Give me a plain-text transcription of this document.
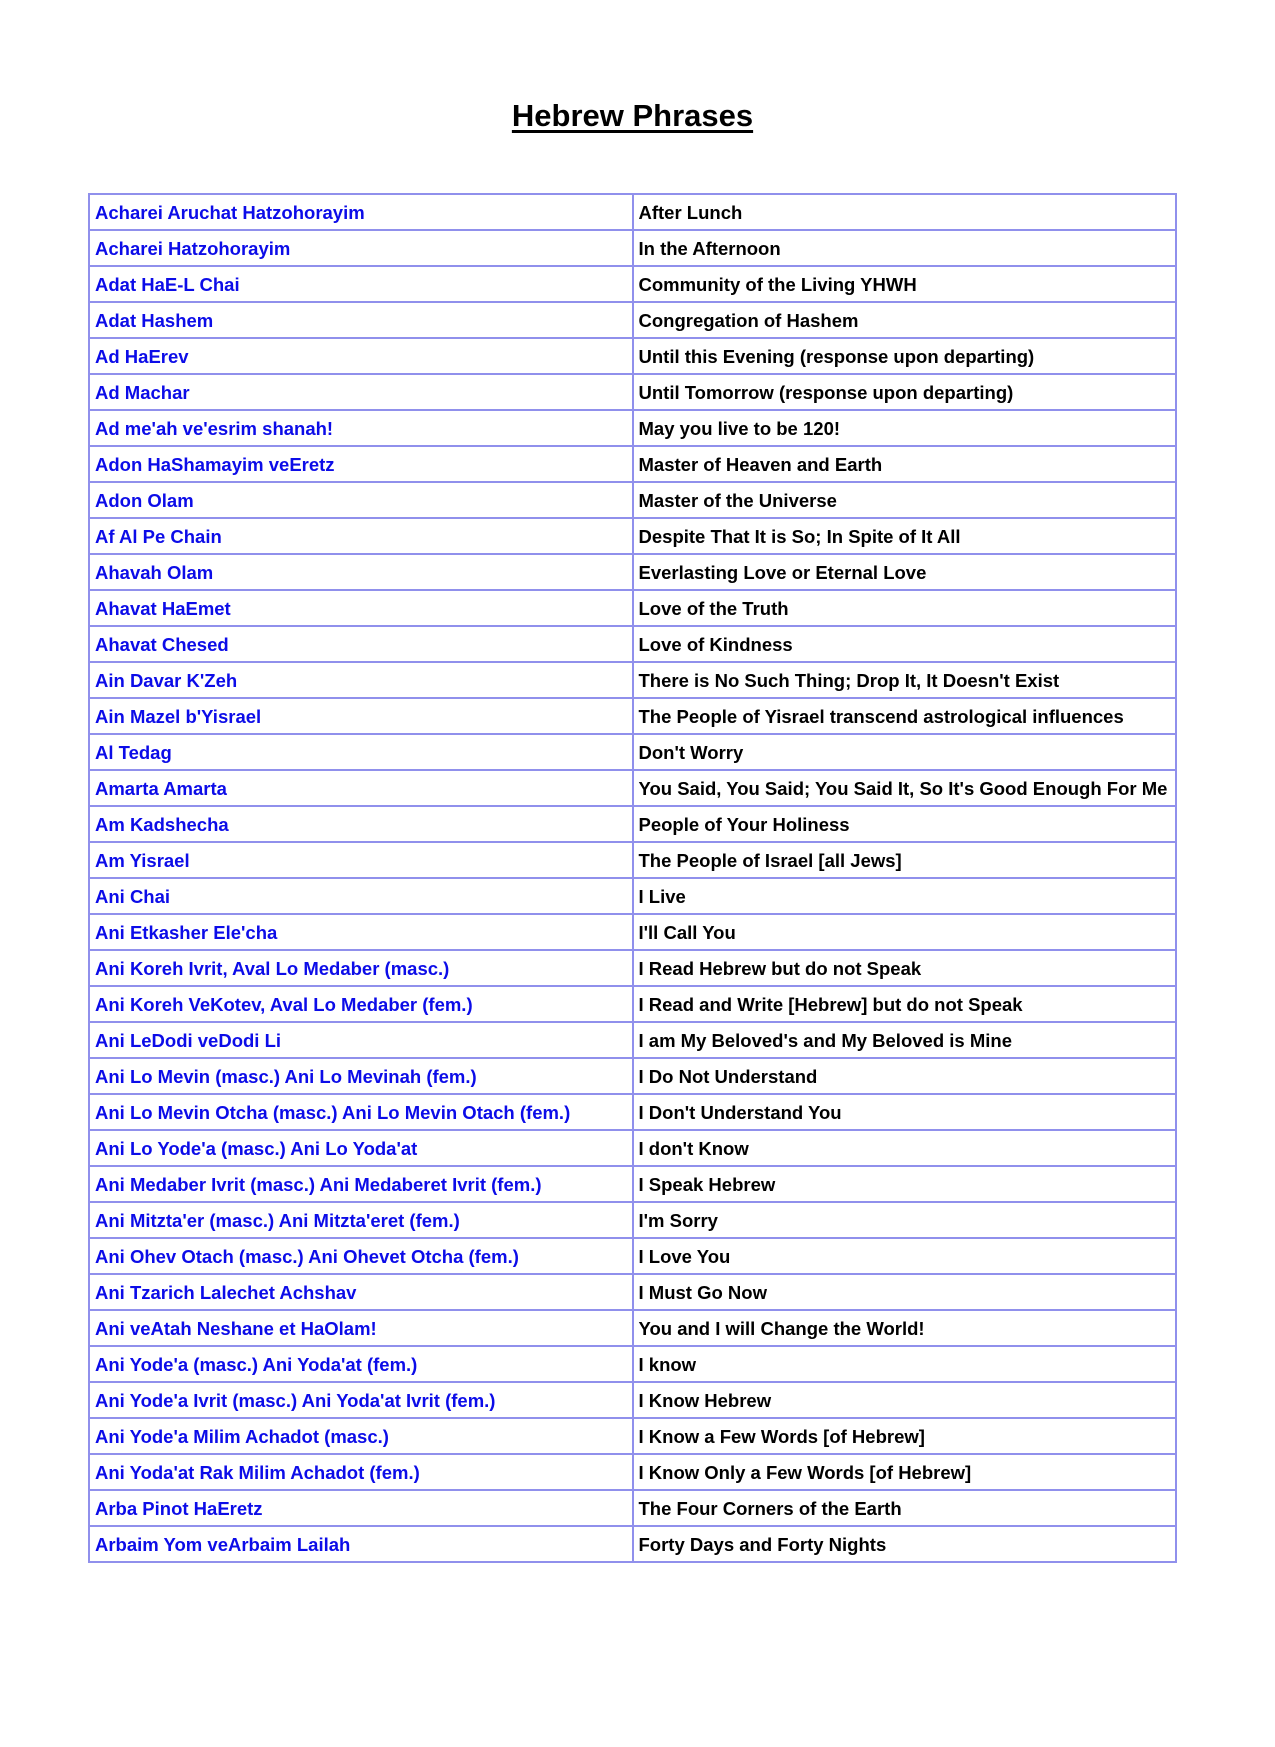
Hebrew Phrases
Acharei Aruchat Hatzohorayim	After Lunch
Acharei Hatzohorayim	In the Afternoon
Adat HaE-L Chai	Community of the Living YHWH
Adat Hashem	Congregation of Hashem
Ad HaErev	Until this Evening (response upon departing)
Ad Machar	Until Tomorrow (response upon departing)
Ad me'ah ve'esrim shanah!	May you live to be 120!
Adon HaShamayim veEretz	Master of Heaven and Earth
Adon Olam	Master of the Universe
Af Al Pe Chain	Despite That It is So; In Spite of It All
Ahavah Olam	Everlasting Love or Eternal Love
Ahavat HaEmet	Love of the Truth
Ahavat Chesed	Love of Kindness
Ain Davar K'Zeh	There is No Such Thing; Drop It, It Doesn't Exist
Ain Mazel b'Yisrael	The People of Yisrael transcend astrological influences
Al Tedag	Don't Worry
Amarta Amarta	You Said, You Said; You Said It, So It's Good Enough For Me
Am Kadshecha	People of Your Holiness
Am Yisrael	The People of Israel [all Jews]
Ani Chai	I Live
Ani Etkasher Ele'cha	I'll Call You
Ani Koreh Ivrit, Aval Lo Medaber (masc.)	I Read Hebrew but do not Speak
Ani Koreh VeKotev, Aval Lo Medaber (fem.)	I Read and Write [Hebrew] but do not Speak
Ani LeDodi veDodi Li	I am My Beloved's and My Beloved is Mine
Ani Lo Mevin (masc.) Ani Lo Mevinah (fem.)	I Do Not Understand
Ani Lo Mevin Otcha (masc.) Ani Lo Mevin Otach (fem.)	I Don't Understand You
Ani Lo Yode'a (masc.) Ani Lo Yoda'at	I don't Know
Ani Medaber Ivrit (masc.) Ani Medaberet Ivrit (fem.)	I Speak Hebrew
Ani Mitzta'er (masc.) Ani Mitzta'eret (fem.)	I'm Sorry
Ani Ohev Otach (masc.) Ani Ohevet Otcha (fem.)	I Love You
Ani Tzarich Lalechet Achshav	I Must Go Now
Ani veAtah Neshane et HaOlam!	You and I will Change the World!
Ani Yode'a (masc.) Ani Yoda'at (fem.)	I know
Ani Yode'a Ivrit (masc.) Ani Yoda'at Ivrit (fem.)	I Know Hebrew
Ani Yode'a Milim Achadot (masc.)	I Know a Few Words [of Hebrew]
Ani Yoda'at Rak Milim Achadot (fem.)	I Know Only a Few Words [of Hebrew]
Arba Pinot HaEretz	The Four Corners of the Earth
Arbaim Yom veArbaim Lailah	Forty Days and Forty Nights
